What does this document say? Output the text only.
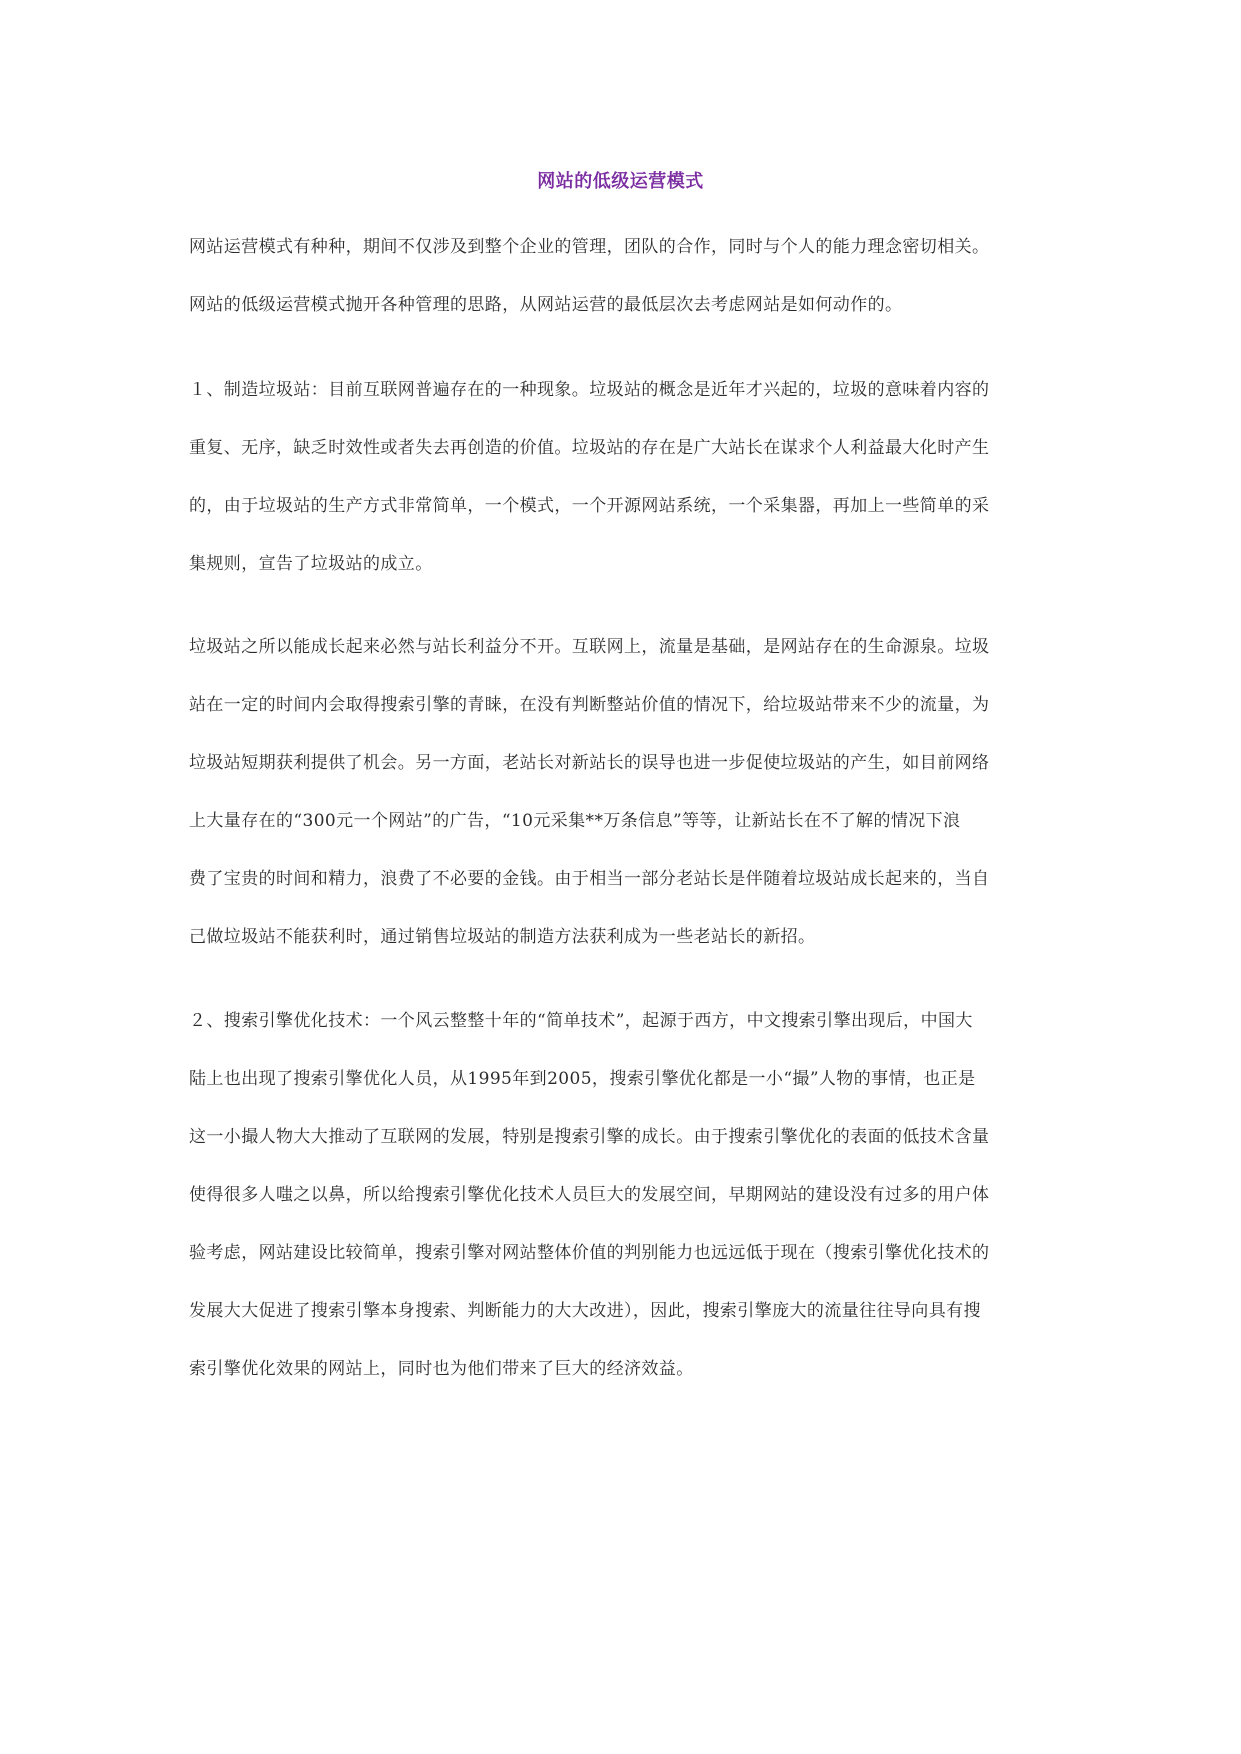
网站的低级运营模式
网站运营模式有种种，期间不仅涉及到整个企业的管理，团队的合作，同时与个人的能力理念密切相关。
网站的低级运营模式抛开各种管理的思路，从网站运营的最低层次去考虑网站是如何动作的。
１、制造垃圾站：目前互联网普遍存在的一种现象。垃圾站的概念是近年才兴起的，垃圾的意味着内容的
重复、无序，缺乏时效性或者失去再创造的价值。垃圾站的存在是广大站长在谋求个人利益最大化时产生
的，由于垃圾站的生产方式非常简单，一个模式，一个开源网站系统，一个采集器，再加上一些简单的采
集规则，宣告了垃圾站的成立。
垃圾站之所以能成长起来必然与站长利益分不开。互联网上，流量是基础，是网站存在的生命源泉。垃圾
站在一定的时间内会取得搜索引擎的青睐，在没有判断整站价值的情况下，给垃圾站带来不少的流量，为
垃圾站短期获利提供了机会。另一方面，老站长对新站长的误导也进一步促使垃圾站的产生，如目前网络
上大量存在的“300元一个网站”的广告，“10元采集**万条信息”等等，让新站长在不了解的情况下浪
费了宝贵的时间和精力，浪费了不必要的金钱。由于相当一部分老站长是伴随着垃圾站成长起来的，当自
己做垃圾站不能获利时，通过销售垃圾站的制造方法获利成为一些老站长的新招。
２、搜索引擎优化技术：一个风云整整十年的“简单技术”，起源于西方，中文搜索引擎出现后，中国大
陆上也出现了搜索引擎优化人员，从1995年到2005，搜索引擎优化都是一小“撮”人物的事情，也正是
这一小撮人物大大推动了互联网的发展，特别是搜索引擎的成长。由于搜索引擎优化的表面的低技术含量
使得很多人嗤之以鼻，所以给搜索引擎优化技术人员巨大的发展空间，早期网站的建设没有过多的用户体
验考虑，网站建设比较简单，搜索引擎对网站整体价值的判别能力也远远低于现在（搜索引擎优化技术的
发展大大促进了搜索引擎本身搜索、判断能力的大大改进），因此，搜索引擎庞大的流量往往导向具有搜
索引擎优化效果的网站上，同时也为他们带来了巨大的经济效益。
